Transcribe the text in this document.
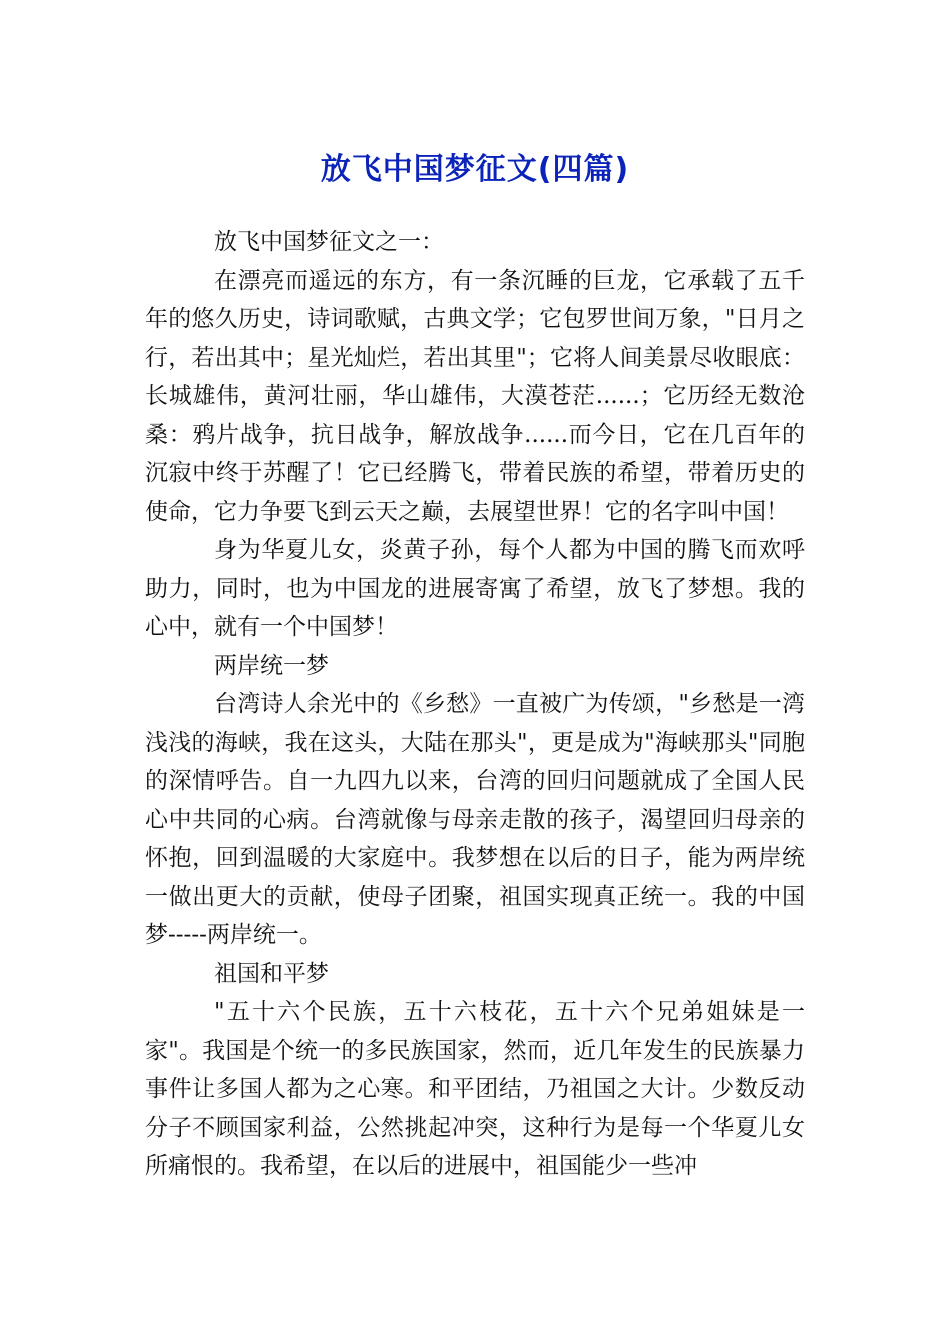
放飞中国梦征文(四篇)

放飞中国梦征文之一：

在漂亮而遥远的东方，有一条沉睡的巨龙，它承载了五千年的悠久历史，诗词歌赋，古典文学；它包罗世间万象，"日月之行，若出其中；星光灿烂，若出其里"；它将人间美景尽收眼底：长城雄伟，黄河壮丽，华山雄伟，大漠苍茫......；它历经无数沧桑：鸦片战争，抗日战争，解放战争......而今日，它在几百年的沉寂中终于苏醒了！它已经腾飞，带着民族的希望，带着历史的使命，它力争要飞到云天之巅，去展望世界！它的名字叫中国！

身为华夏儿女，炎黄子孙，每个人都为中国的腾飞而欢呼助力，同时，也为中国龙的进展寄寓了希望，放飞了梦想。我的心中，就有一个中国梦！

两岸统一梦

台湾诗人余光中的《乡愁》一直被广为传颂，"乡愁是一湾浅浅的海峡，我在这头，大陆在那头"，更是成为"海峡那头"同胞的深情呼告。自一九四九以来，台湾的回归问题就成了全国人民心中共同的心病。台湾就像与母亲走散的孩子，渴望回归母亲的怀抱，回到温暖的大家庭中。我梦想在以后的日子，能为两岸统一做出更大的贡献，使母子团聚，祖国实现真正统一。我的中国梦-----两岸统一。

祖国和平梦

"五十六个民族，五十六枝花，五十六个兄弟姐妹是一家"。我国是个统一的多民族国家，然而，近几年发生的民族暴力事件让多国人都为之心寒。和平团结，乃祖国之大计。少数反动分子不顾国家利益，公然挑起冲突，这种行为是每一个华夏儿女所痛恨的。我希望，在以后的进展中，祖国能少一些冲
